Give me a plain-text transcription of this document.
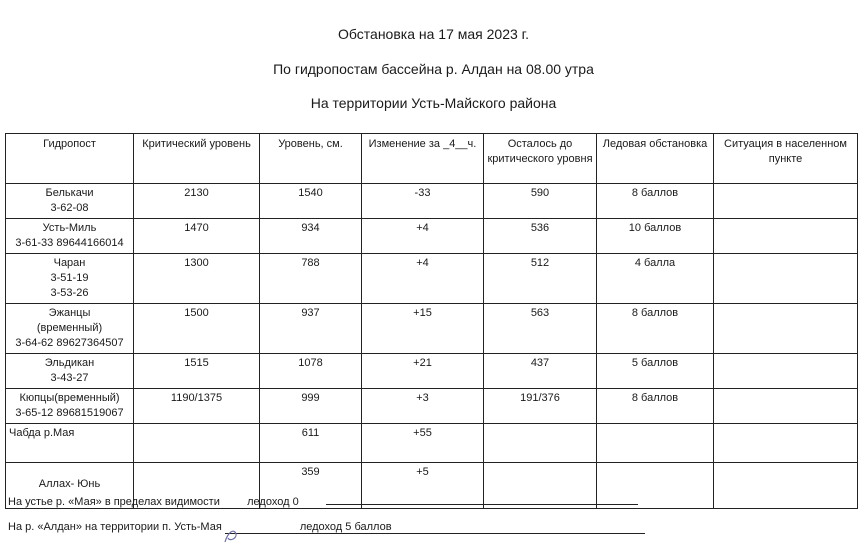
Обстановка на 17 мая 2023 г.
По гидропостам бассейна р. Алдан на 08.00 утра
На территории Усть-Майского района
Гидропост	Критический уровень	Уровень, см.	Изменение за _4__ч.	Осталось до критического уровня	Ледовая обстановка	Ситуация в населенном пункте

Белькачи
3-62-08	2130	1540	-33	590	8 баллов	

Усть-Миль
3-61-33 89644166014	1470	934	+4	536	10 баллов	

Чаран
3-51-19
3-53-26	1300	788	+4	512	4 балла	

Эжанцы
(временный)
3-64-62 89627364507	1500	937	+15	563	8 баллов	

Эльдикан
3-43-27	1515	1078	+21	437	5 баллов	

Кюпцы(временный)
3-65-12 89681519067	1190/1375	999	+3	191/376	8 баллов	

Чабда р.Мая		611	+55			

Аллах- Юнь		359	+5			
На устье р. «Мая» в пределах видимости ледоход 0
На р. «Алдан» на территории п. Усть-Мая	ледоход 5 баллов
